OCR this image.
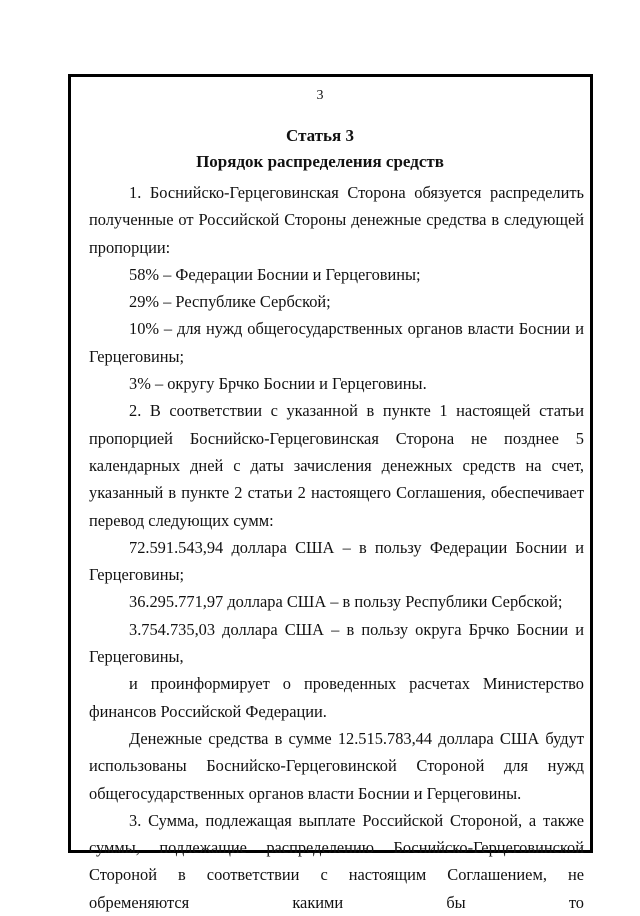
3
Статья 3
Порядок распределения средств

1. Боснийско-Герцеговинская Сторона обязуется распределить полученные от Российской Стороны денежные средства в следующей пропорции:

58% – Федерации Боснии и Герцеговины;

29% – Республике Сербской;

10% – для нужд общегосударственных органов власти Боснии и Герцеговины;

3% – округу Брчко Боснии и Герцеговины.

2. В соответствии с указанной в пункте 1 настоящей статьи пропорцией Боснийско-Герцеговинская Сторона не позднее 5 календарных дней с даты зачисления денежных средств на счет, указанный в пункте 2 статьи 2 настоящего Соглашения, обеспечивает перевод следующих сумм:

72.591.543,94 доллара США – в пользу Федерации Боснии и Герцеговины;

36.295.771,97 доллара США – в пользу Республики Сербской;

3.754.735,03 доллара США – в пользу округа Брчко Боснии и Герцеговины,

и проинформирует о проведенных расчетах Министерство финансов Российской Федерации.

Денежные средства в сумме 12.515.783,44 доллара США будут использованы Боснийско-Герцеговинской Стороной для нужд общегосударственных органов власти Боснии и Герцеговины.

3. Сумма, подлежащая выплате Российской Стороной, а также суммы, подлежащие распределению Боснийско-Герцеговинской Стороной в соответствии с настоящим Соглашением, не обременяются какими бы то
